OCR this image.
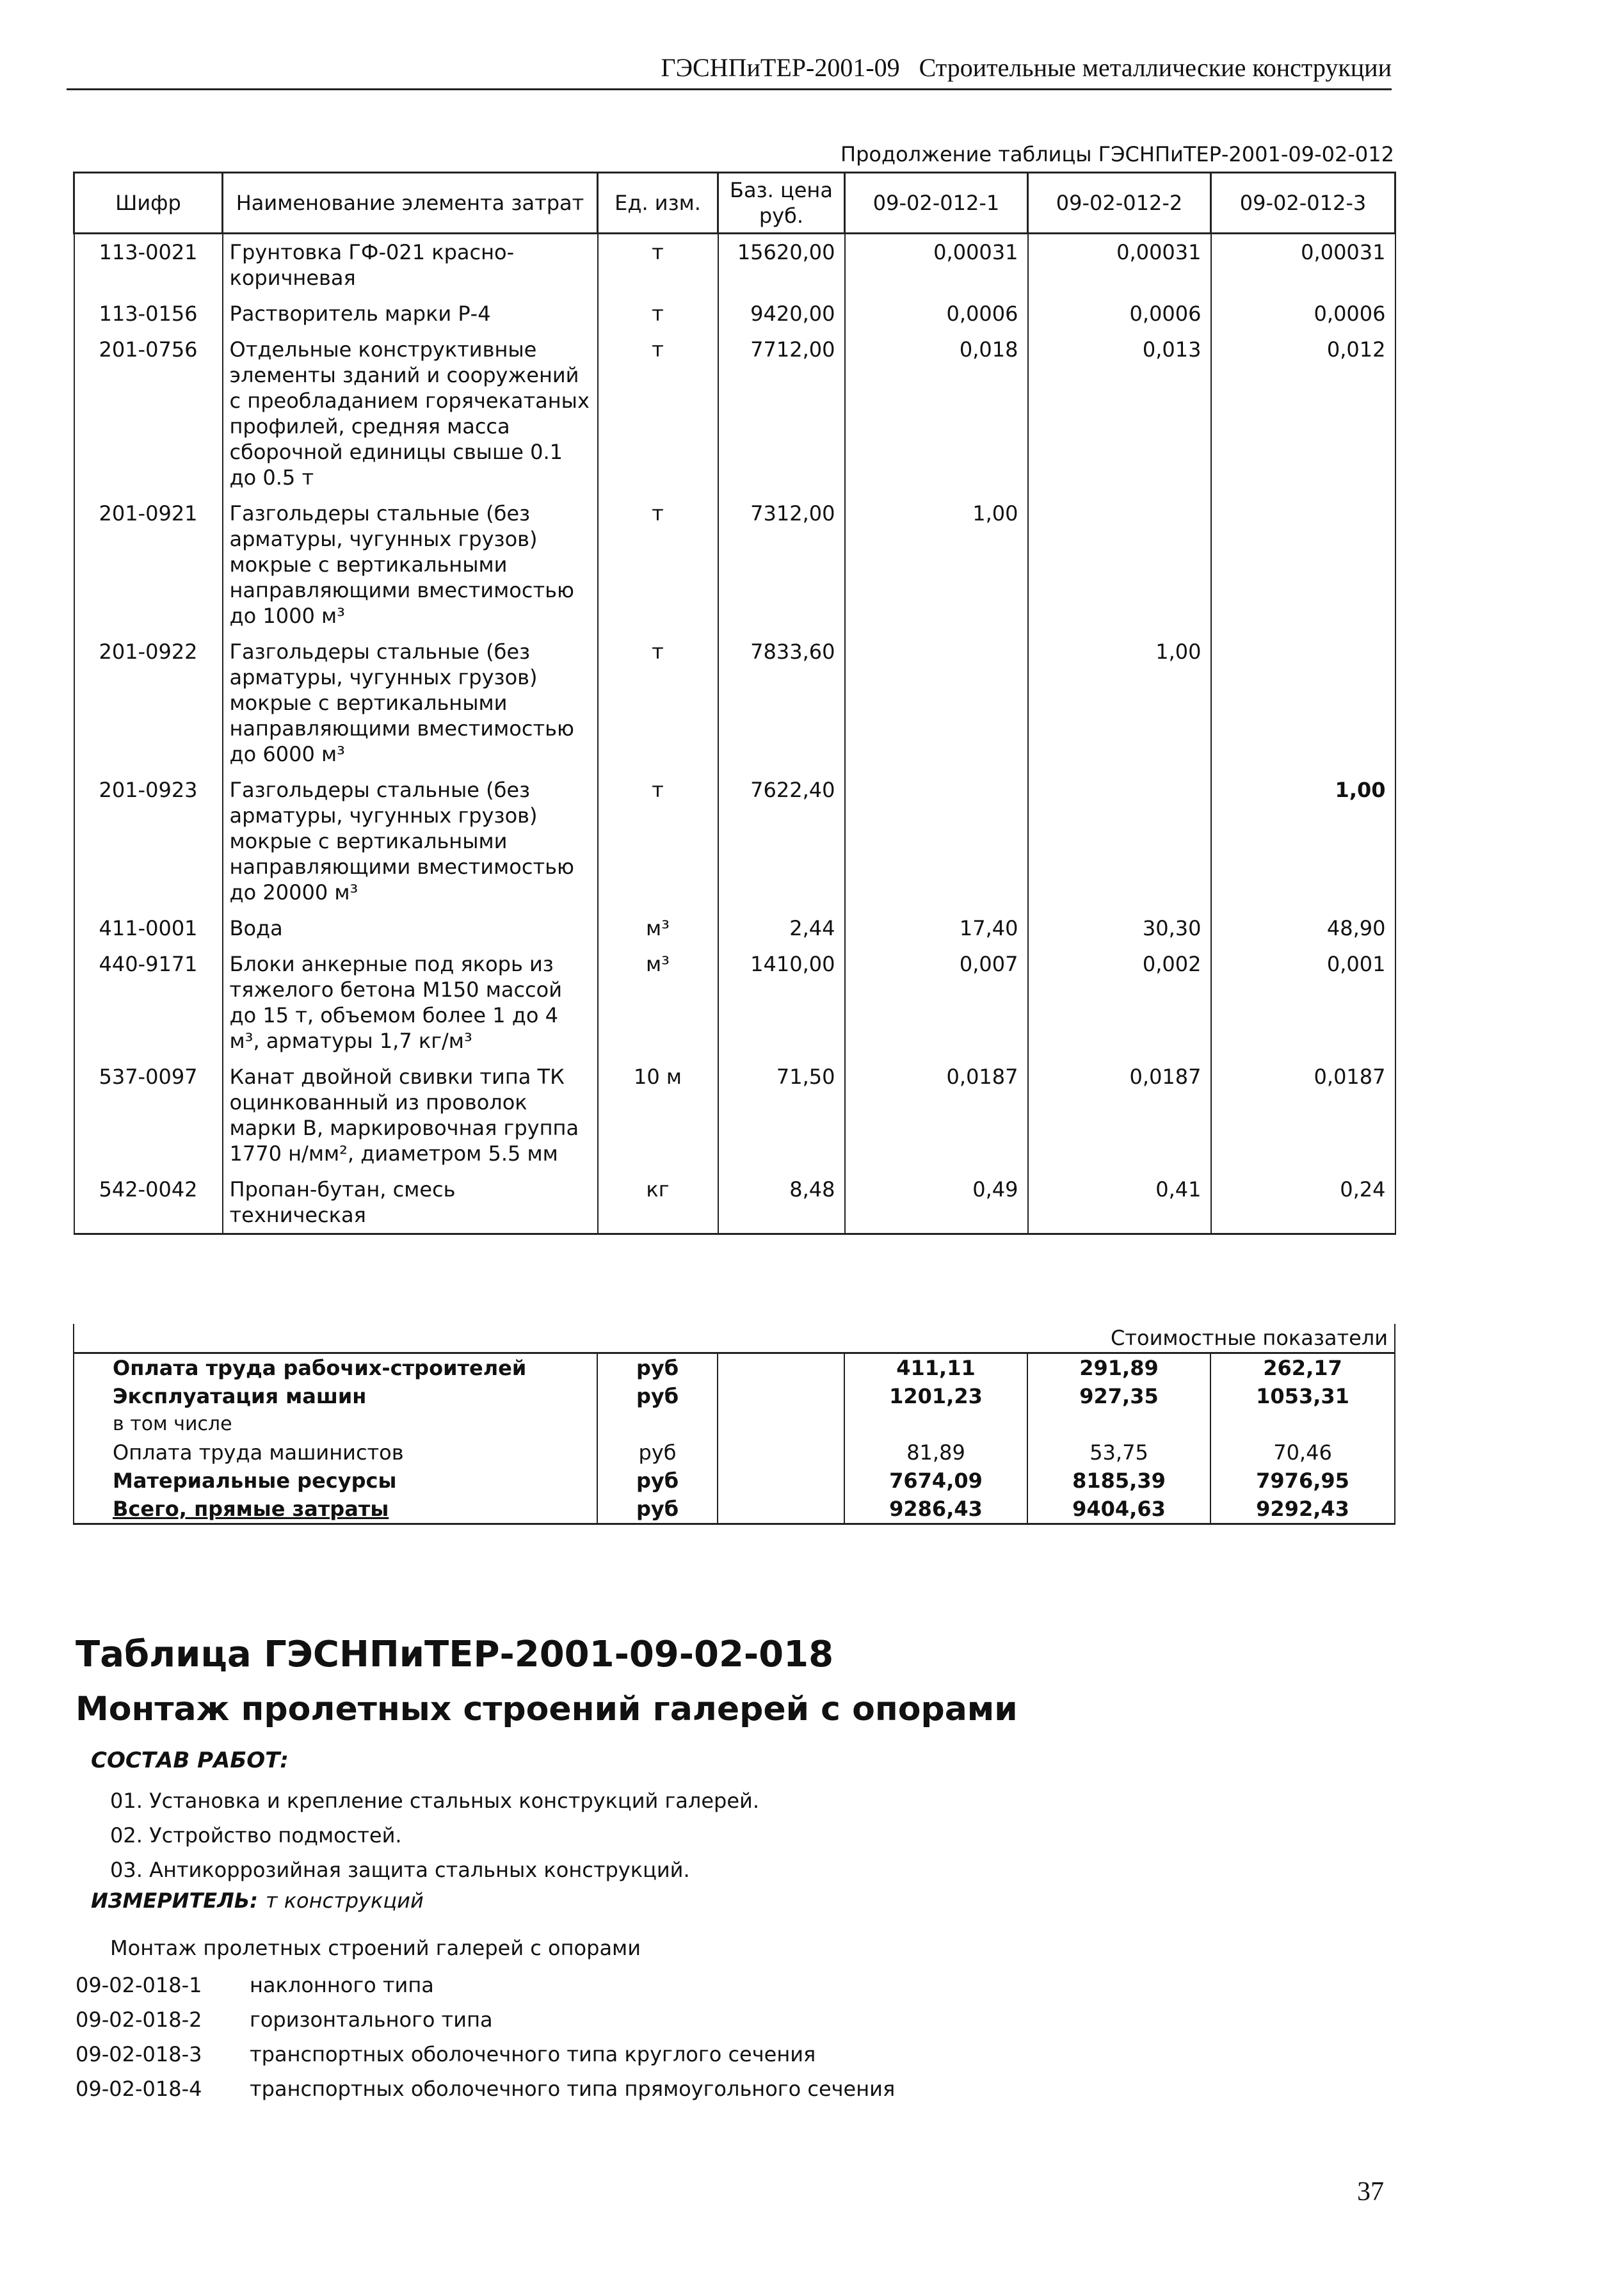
ГЭСНПиТЕР-2001-09 Строительные металлические конструкции
Продолжение таблицы ГЭСНПиТЕР-2001-09-02-012
Шифр	Наименование элемента затрат	Ед. изм.	Баз. цена руб.	09-02-012-1	09-02-012-2	09-02-012-3
113-0021	Грунтовка ГФ-021 красно-коричневая	т	15620,00	0,00031	0,00031	0,00031
113-0156	Растворитель марки Р-4	т	9420,00	0,0006	0,0006	0,0006
201-0756	Отдельные конструктивные элементы зданий и сооружений с преобладанием горячекатаных профилей, средняя масса сборочной единицы свыше 0.1 до 0.5 т	т	7712,00	0,018	0,013	0,012
201-0921	Газгольдеры стальные (без арматуры, чугунных грузов) мокрые с вертикальными направляющими вместимостью до 1000 м³	т	7312,00	1,00		
201-0922	Газгольдеры стальные (без арматуры, чугунных грузов) мокрые с вертикальными направляющими вместимостью до 6000 м³	т	7833,60		1,00	
201-0923	Газгольдеры стальные (без арматуры, чугунных грузов) мокрые с вертикальными направляющими вместимостью до 20000 м³	т	7622,40			1,00
411-0001	Вода	м³	2,44	17,40	30,30	48,90
440-9171	Блоки анкерные под якорь из тяжелого бетона М150 массой до 15 т, объемом более 1 до 4 м³, арматуры 1,7 кг/м³	м³	1410,00	0,007	0,002	0,001
537-0097	Канат двойной свивки типа ТК оцинкованный из проволок марки В, маркировочная группа 1770 н/мм², диаметром 5.5 мм	10 м	71,50	0,0187	0,0187	0,0187
542-0042	Пропан-бутан, смесь техническая	кг	8,48	0,49	0,41	0,24
Стоимостные показатели					
Оплата труда рабочих-строителей	руб		411,11	291,89	262,17
Эксплуатация машин	руб		1201,23	927,35	1053,31
в том числе					
Оплата труда машинистов	руб		81,89	53,75	70,46
Материальные ресурсы	руб		7674,09	8185,39	7976,95
Всего, прямые затраты	руб		9286,43	9404,63	9292,43
Таблица ГЭСНПиТЕР-2001-09-02-018
Монтаж пролетных строений галерей с опорами
СОСТАВ РАБОТ:
01. Установка и крепление стальных конструкций галерей.
02. Устройство подмостей.
03. Антикоррозийная защита стальных конструкций.
ИЗМЕРИТЕЛЬ: т конструкций
Монтаж пролетных строений галерей с опорами
09-02-018-1	наклонного типа
09-02-018-2	горизонтального типа
09-02-018-3	транспортных оболочечного типа круглого сечения
09-02-018-4	транспортных оболочечного типа прямоугольного сечения
37
